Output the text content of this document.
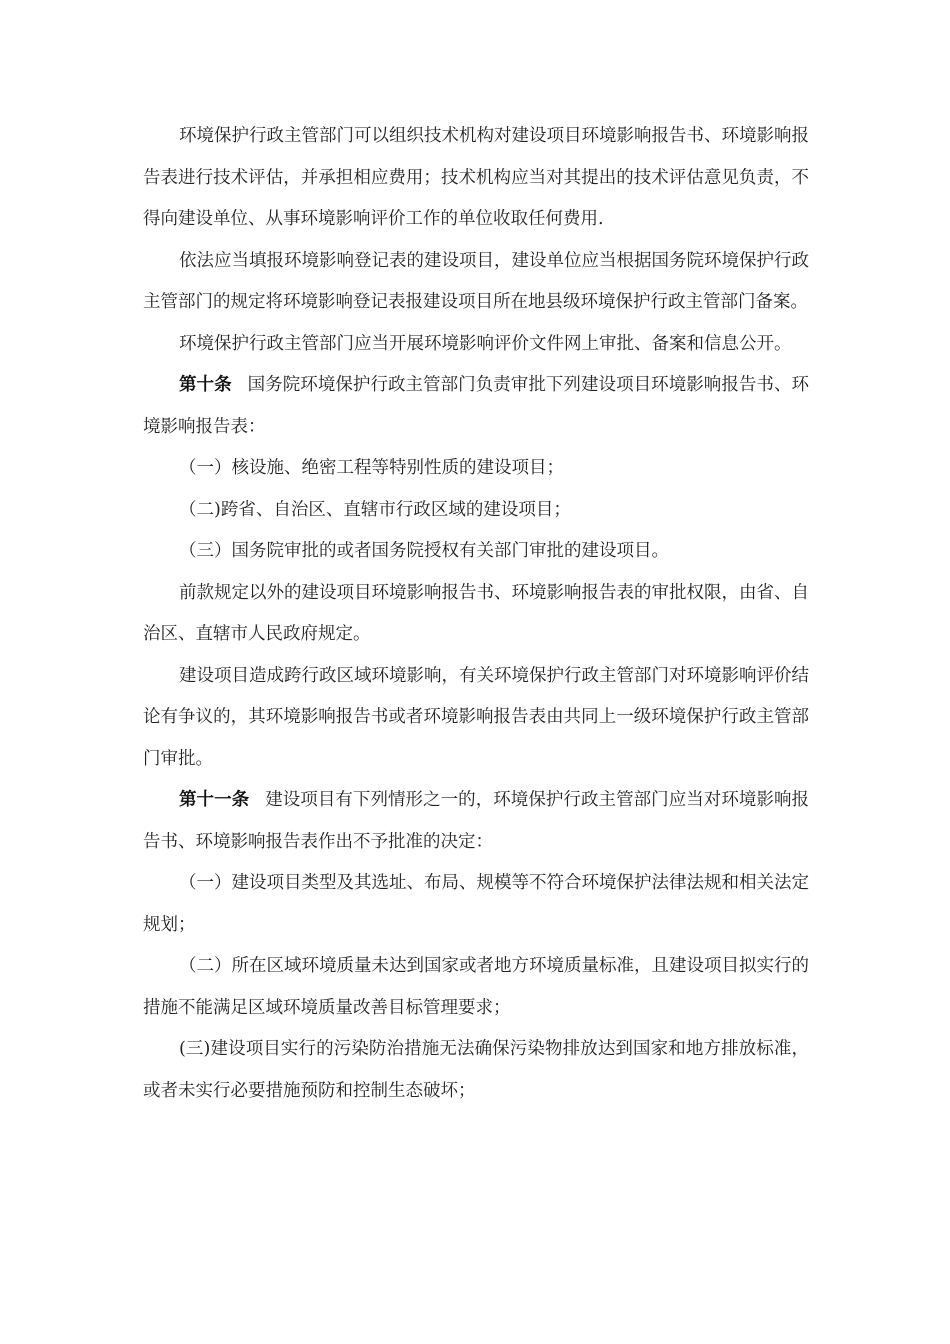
环境保护行政主管部门可以组织技术机构对建设项目环境影响报告书、环境影响报告表进行技术评估，并承担相应费用；技术机构应当对其提出的技术评估意见负责，不得向建设单位、从事环境影响评价工作的单位收取任何费用.

依法应当填报环境影响登记表的建设项目，建设单位应当根据国务院环境保护行政主管部门的规定将环境影响登记表报建设项目所在地县级环境保护行政主管部门备案。

环境保护行政主管部门应当开展环境影响评价文件网上审批、备案和信息公开。

第十条 国务院环境保护行政主管部门负责审批下列建设项目环境影响报告书、环境影响报告表：

（一）核设施、绝密工程等特别性质的建设项目；

（二)跨省、自治区、直辖市行政区域的建设项目；

（三）国务院审批的或者国务院授权有关部门审批的建设项目。

前款规定以外的建设项目环境影响报告书、环境影响报告表的审批权限，由省、自治区、直辖市人民政府规定。

建设项目造成跨行政区域环境影响，有关环境保护行政主管部门对环境影响评价结论有争议的，其环境影响报告书或者环境影响报告表由共同上一级环境保护行政主管部门审批。

第十一条 建设项目有下列情形之一的，环境保护行政主管部门应当对环境影响报告书、环境影响报告表作出不予批准的决定：

（一）建设项目类型及其选址、布局、规模等不符合环境保护法律法规和相关法定规划；

（二）所在区域环境质量未达到国家或者地方环境质量标准，且建设项目拟实行的措施不能满足区域环境质量改善目标管理要求；

(三)建设项目实行的污染防治措施无法确保污染物排放达到国家和地方排放标准，或者未实行必要措施预防和控制生态破坏；
